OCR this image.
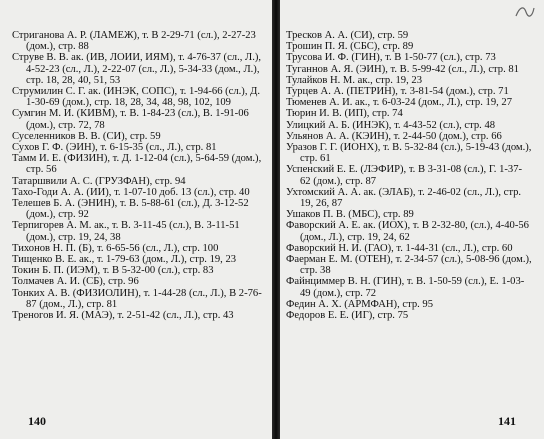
Стриганова А. Р. (ЛАМЕЖ), т. В 2-29-71 (сл.), 2-27-23 (дом.), стр. 88

Струве В. В. ак. (ИВ, ЛОИИ, ИЯМ), т. 4-76-37 (сл., Л.), 4-52-23 (сл., Л.), 2-22-07 (сл., Л.), 5-34-33 (дом., Л.), стр. 18, 28, 40, 51, 53

Струмилин С. Г. ак. (ИНЭК, СОПС), т. 1-94-66 (сл.), Д. 1-30-69 (дом.), стр. 18, 28, 34, 48, 98, 102, 109

Сумгин М. И. (КИВМ), т. В. 1-84-23 (сл.), В. 1-91-06 (дом.), стр. 72, 78

Суселенников В. В. (СИ), стр. 59

Сухов Г. Ф. (ЭИН), т. 6-15-35 (сл., Л.), стр. 81

Тамм И. Е. (ФИЗИН), т. Д. 1-12-04 (сл.), 5-64-59 (дом.), стр. 56

Татаршвили А. С. (ГРУЗФАН), стр. 94

Тахо-Годи А. А. (ИИ), т. 1-07-10 доб. 13 (сл.), стр. 40

Телешев Б. А. (ЭНИН), т. В. 5-88-61 (сл.), Д. 3-12-52 (дом.), стр. 92

Терпигорев А. М. ак., т. В. 3-11-45 (сл.), В. 3-11-51 (дом.), стр. 19, 24, 38

Тихонов Н. П. (Б), т. 6-65-56 (сл., Л.), стр. 100

Тищенко В. Е. ак., т. 1-79-63 (дом., Л.), стр. 19, 23

Токин Б. П. (ИЭМ), т. В 5-32-00 (сл.), стр. 83

Толмачев А. И. (СБ), стр. 96

Тонких А. В. (ФИЗИОЛИН), т. 1-44-28 (сл., Л.), В 2-76-87 (дом., Л.), стр. 81

Треногов И. Я. (МАЭ), т. 2-51-42 (сл., Л.), стр. 43

140

Тресков А. А. (СИ), стр. 59

Трошин П. Я. (СБС), стр. 89

Трусова И. Ф. (ГИН), т. В 1-50-77 (сл.), стр. 73

Туганнов А. Я. (ЭИН), т. В. 5-99-42 (сл., Л.), стр. 81

Тулайков Н. М. ак., стр. 19, 23

Турцев А. А. (ПЕТРИН), т. 3-81-54 (дом.), стр. 71

Тюменев А. И. ак., т. 6-03-24 (дом., Л.), стр. 19, 27

Тюрин И. В. (ИП), стр. 74

Улицкий А. Б. (ИНЭК), т. 4-43-52 (сл.), стр. 48

Ульянов А. А. (КЭИН), т. 2-44-50 (дом.), стр. 66

Уразов Г. Г. (ИОНХ), т. В. 5-32-84 (сл.), 5-19-43 (дом.), стр. 61

Успенский Е. Е. (ЛЭФИР), т. В 3-31-08 (сл.), Г. 1-37-62 (дом.), стр. 87

Ухтомский А. А. ак. (ЭЛАБ), т. 2-46-02 (сл., Л.), стр. 19, 26, 87

Ушаков П. В. (МБС), стр. 89

Фаворский А. Е. ак. (ИОХ), т. В 2-32-80, (сл.), 4-40-56 (дом., Л.), стр. 19, 24, 62

Фаворский Н. И. (ГАО), т. 1-44-31 (сл., Л.), стр. 60

Фаерман Е. М. (ОТЕН), т. 2-34-57 (сл.), 5-08-96 (дом.), стр. 38

Файнциммер В. Н. (ГИН), т. В. 1-50-59 (сл.), Е. 1-03-49 (дом.), стр. 72

Федин А. Х. (АРМФАН), стр. 95

Федоров Е. Е. (ИГ), стр. 75

141
